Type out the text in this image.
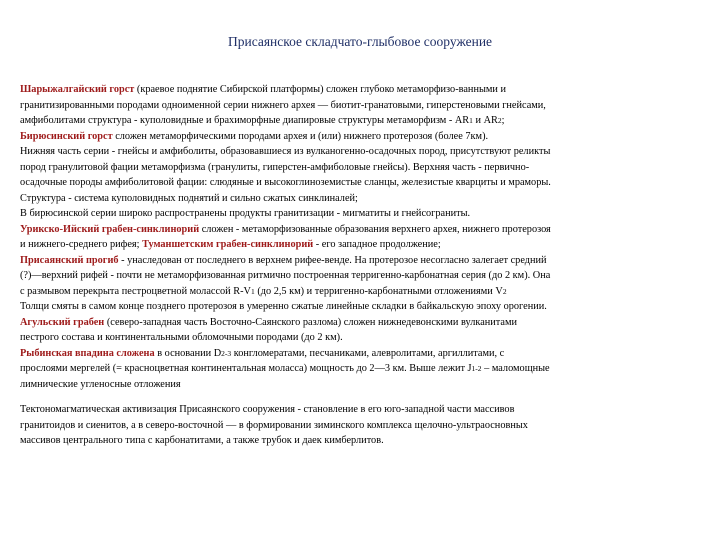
Присаянское складчато-глыбовое сооружение
Шарыжалгайский горст (краевое поднятие Сибирской платформы) сложен глубоко метаморфизо-ванными и
гранитизированными породами одноименной серии нижнего архея — биотит-гранатовыми, гиперстеновыми гнейсами,
амфиболитами структура - куполовидные и брахиморфные диапировые структуры метаморфизм - AR1 и AR2;
Бирюсинский горст сложен метаморфическими породами архея и (или) нижнего протерозоя (более 7км).
Нижняя часть серии - гнейсы и амфиболиты, образовавшиеся из вулканогенно-осадочных пород, присутствуют реликты
пород гранулитовой фации метаморфизма (гранулиты, гиперстен-амфиболовые гнейсы). Верхняя часть - первично-
осадочные породы амфиболитовой фации: слюдяные и высокоглиноземистые сланцы, железистые кварциты и мраморы.
Структура - система куполовидных поднятий и сильно сжатых синклиналей;
В бирюсинской серии широко распространены продукты гранитизации - мигматиты и гнейсограниты.
Урикско-Ийский грабен-синклинорий сложен - метаморфизованные образования верхнего архея, нижнего протерозоя
и нижнего-среднего рифея; Туманшетским грабен-синклинорий - его западное продолжение;
Присаянский прогиб - унаследован от последнего в верхнем рифее-венде. На протерозое несогласно залегает средний
(?)—верхний рифей - почти не метаморфизованная ритмично построенная терригенно-карбонатная серия (до 2 км). Она
с размывом перекрыта пестроцветной молассой R-V1 (до 2,5 км) и терригенно-карбонатными отложениями V2
Толщи смяты в самом конце позднего протерозоя в умеренно сжатые линейные складки в байкальскую эпоху орогении.
Агульский грабен (северо-западная часть Восточно-Саянского разлома) сложен нижнедевонскими вулканитами
пестрого состава и континентальными обломочными породами (до 2 км).
Рыбинская впадина сложена в основании D2-3 конгломератами, песчаниками, алевролитами, аргиллитами, с
прослоями мергелей (= красноцветная континентальная моласса) мощность до 2—3 км. Выше лежит J1-2 – маломощные
лимнические угленосные отложения
Тектономагматическая активизация Присаянского сооружения - становление в его юго-западной части массивов
гранитоидов и сиенитов, а в северо-восточной — в формировании зиминского комплекса щелочно-ультраосновных
массивов центрального типа с карбонатитами, а также трубок и даек кимберлитов.
